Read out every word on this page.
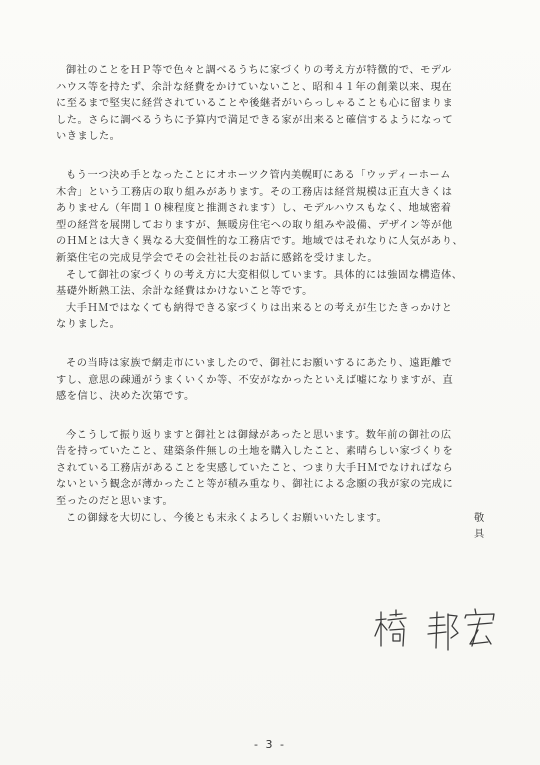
御社のことをＨＰ等で色々と調べるうちに家づくりの考え方が特徴的で、モデル
ハウス等を持たず、余計な経費をかけていないこと、昭和４１年の創業以来、現在
に至るまで堅実に経営されていることや後継者がいらっしゃることも心に留まりま
した。さらに調べるうちに予算内で満足できる家が出来ると確信するようになって
いきました。
もう一つ決め手となったことにオホーツク管内美幌町にある「ウッディーホーム
木舎」という工務店の取り組みがあります。その工務店は経営規模は正直大きくは
ありません（年間１０棟程度と推測されます）し、モデルハウスもなく、地域密着
型の経営を展開しておりますが、無暖房住宅への取り組みや設備、デザイン等が他
のＨＭとは大きく異なる大変個性的な工務店です。地域ではそれなりに人気があり、
新築住宅の完成見学会でその会社社長のお話に感銘を受けました。
そして御社の家づくりの考え方に大変相似しています。具体的には強固な構造体、
基礎外断熱工法、余計な経費はかけないこと等です。
大手ＨＭではなくても納得できる家づくりは出来るとの考えが生じたきっかけと
なりました。
その当時は家族で網走市にいましたので、御社にお願いするにあたり、遠距離で
すし、意思の疎通がうまくいくか等、不安がなかったといえば嘘になりますが、直
感を信じ、決めた次第です。
今こうして振り返りますと御社とは御縁があったと思います。数年前の御社の広
告を持っていたこと、建築条件無しの土地を購入したこと、素晴らしい家づくりを
されている工務店があることを実感していたこと、つまり大手ＨＭでなければなら
ないという観念が薄かったこと等が積み重なり、御社による念願の我が家の完成に
至ったのだと思います。
この御縁を大切にし、今後とも末永くよろしくお願いいたします。	敬具
- 3 -
